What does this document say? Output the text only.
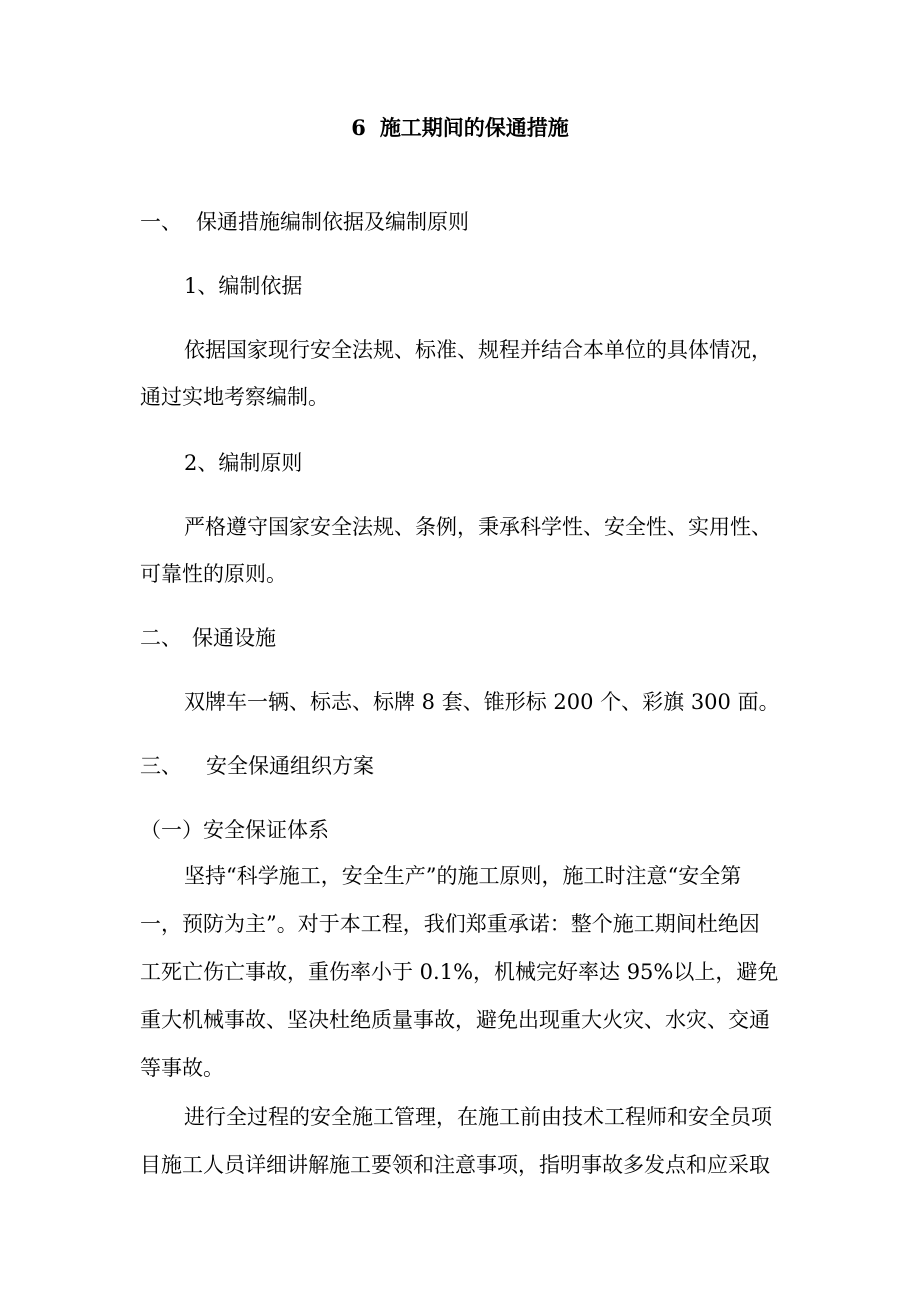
6 施工期间的保通措施
一、 保通措施编制依据及编制原则
1、编制依据
依据国家现行安全法规、标准、规程并结合本单位的具体情况，
通过实地考察编制。
2、编制原则
严格遵守国家安全法规、条例，秉承科学性、安全性、实用性、
可靠性的原则。
二、 保通设施
双牌车一辆、标志、标牌 8 套、锥形标 200 个、彩旗 300 面。
三、 安全保通组织方案
（一）安全保证体系
坚持“科学施工，安全生产”的施工原则，施工时注意“安全第
一，预防为主”。对于本工程，我们郑重承诺：整个施工期间杜绝因
工死亡伤亡事故，重伤率小于 0.1%，机械完好率达 95%以上，避免
重大机械事故、坚决杜绝质量事故，避免出现重大火灾、水灾、交通
等事故。
进行全过程的安全施工管理，在施工前由技术工程师和安全员项
目施工人员详细讲解施工要领和注意事项，指明事故多发点和应采取
